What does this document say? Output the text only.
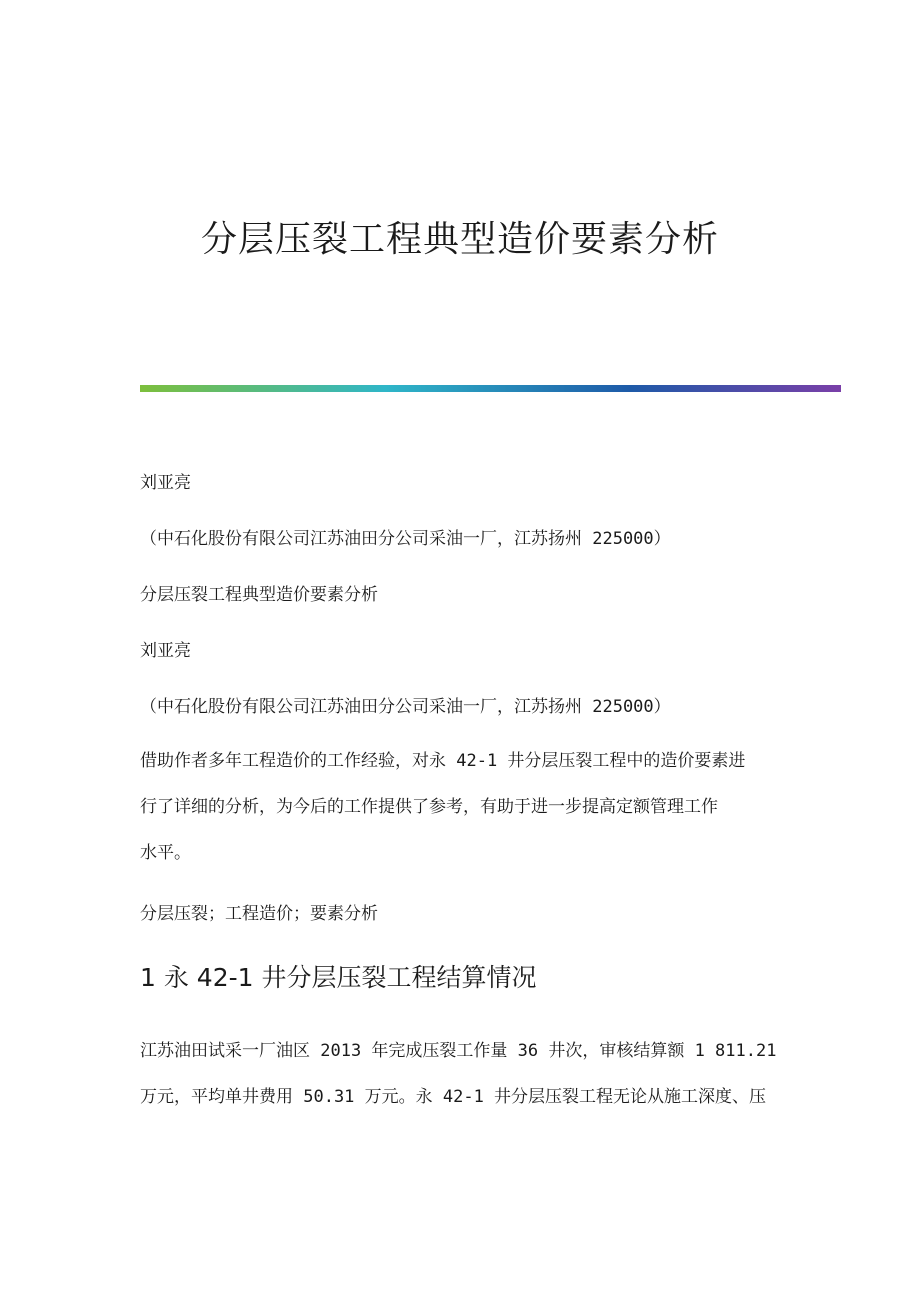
分层压裂工程典型造价要素分析
刘亚亮
（中石化股份有限公司江苏油田分公司采油一厂，江苏扬州 225000）
分层压裂工程典型造价要素分析
刘亚亮
（中石化股份有限公司江苏油田分公司采油一厂，江苏扬州 225000）
借助作者多年工程造价的工作经验，对永 42-1 井分层压裂工程中的造价要素进
行了详细的分析，为今后的工作提供了参考，有助于进一步提高定额管理工作
水平。
分层压裂；工程造价；要素分析
1 永 42-1 井分层压裂工程结算情况
江苏油田试采一厂油区 2013 年完成压裂工作量 36 井次，审核结算额 1 811.21
万元，平均单井费用 50.31 万元。永 42-1 井分层压裂工程无论从施工深度、压
